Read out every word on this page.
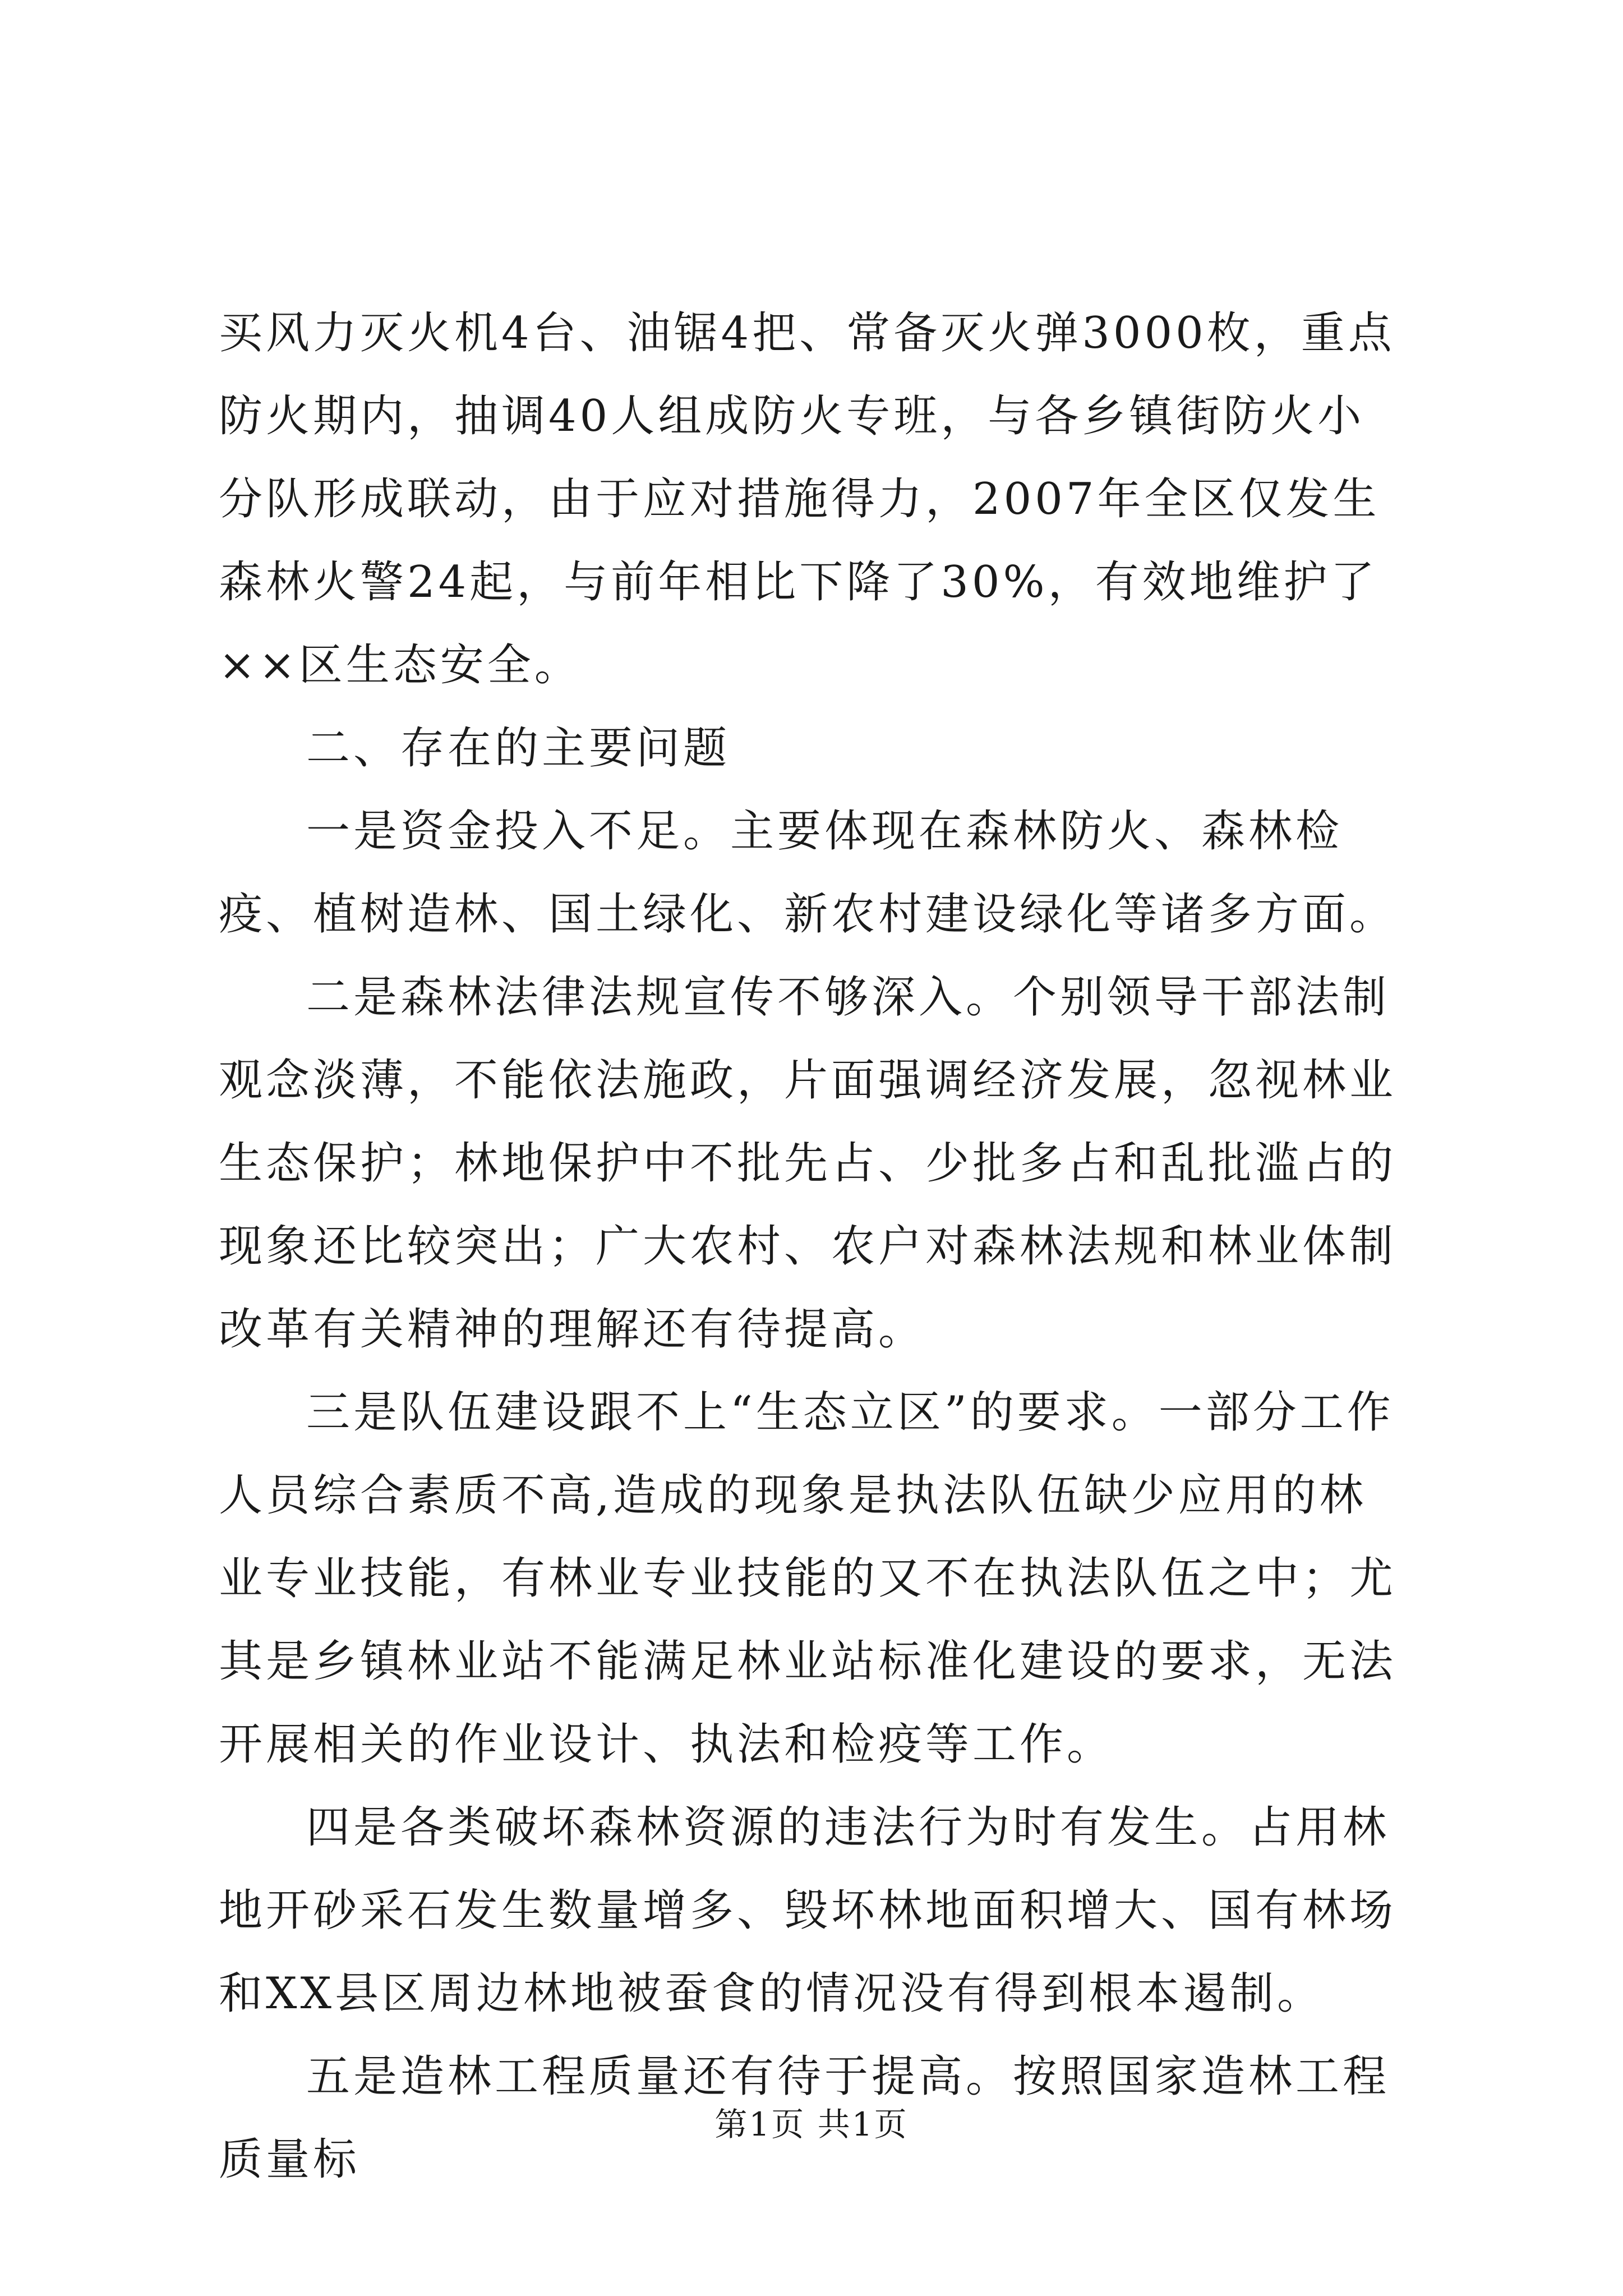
买风力灭火机4台、油锯4把、常备灭火弹3000枚，重点防火期内，抽调40人组成防火专班，与各乡镇街防火小分队形成联动，由于应对措施得力，2007年全区仅发生森林火警24起，与前年相比下降了30%，有效地维护了××区生态安全。

二、存在的主要问题

一是资金投入不足。主要体现在森林防火、森林检疫、植树造林、国土绿化、新农村建设绿化等诸多方面。

二是森林法律法规宣传不够深入。个别领导干部法制观念淡薄，不能依法施政，片面强调经济发展，忽视林业生态保护；林地保护中不批先占、少批多占和乱批滥占的现象还比较突出；广大农村、农户对森林法规和林业体制改革有关精神的理解还有待提高。

三是队伍建设跟不上“生态立区”的要求。一部分工作人员综合素质不高,造成的现象是执法队伍缺少应用的林业专业技能，有林业专业技能的又不在执法队伍之中；尤其是乡镇林业站不能满足林业站标准化建设的要求，无法开展相关的作业设计、执法和检疫等工作。

四是各类破坏森林资源的违法行为时有发生。占用林地开砂采石发生数量增多、毁坏林地面积增大、国有林场和XX县区周边林地被蚕食的情况没有得到根本遏制。

五是造林工程质量还有待于提高。按照国家造林工程质量标

第1页 共1页
